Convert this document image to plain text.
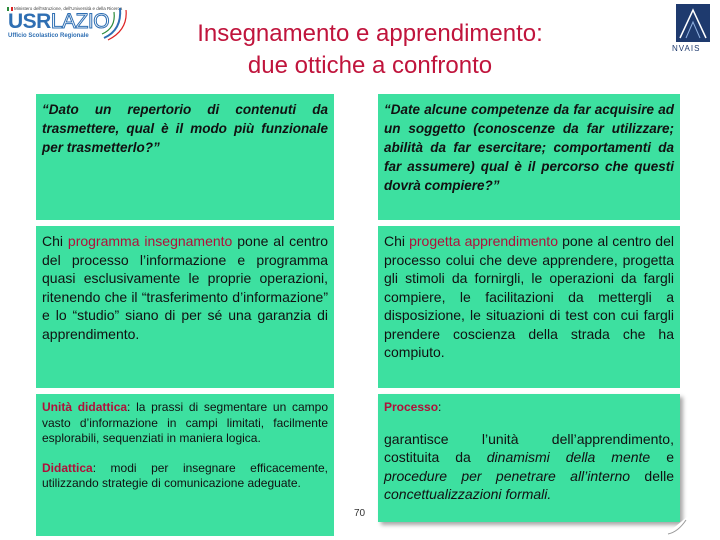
Ministero dell'Istruzione, dell'Università e della Ricerca
USRLAZIO
Ufficio Scolastico Regionale
NVAIS
Insegnamento e apprendimento:
due ottiche a confronto

“Dato un repertorio di contenuti da trasmettere, qual è il modo più funzionale per trasmetterlo?”

Chi programma insegnamento pone al centro del processo l’informazione e programma quasi esclusivamente le proprie operazioni, ritenendo che il “trasferimento d’informazione” e lo “studio” siano di per sé una garanzia di apprendimento.

Unità didattica: la prassi di segmentare un campo vasto d’informazione in campi limitati, facilmente esplorabili, sequenziati in maniera logica.

Didattica: modi per insegnare efficacemente, utilizzando strategie di comunicazione adeguate.

“Date alcune competenze da far acquisire ad un soggetto (conoscenze da far utilizzare; abilità da far esercitare; comportamenti da far assumere) qual è il percorso che questi dovrà compiere?”

Chi progetta apprendimento pone al centro del processo colui che deve apprendere, progetta gli stimoli da fornirgli, le operazioni da fargli compiere, le facilitazioni da mettergli a disposizione, le situazioni di test con cui fargli prendere coscienza della strada che ha compiuto.

Processo:

garantisce l’unità dell’apprendimento, costituita da dinamismi della mente e procedure per penetrare all’interno delle concettualizzazioni formali.

70
